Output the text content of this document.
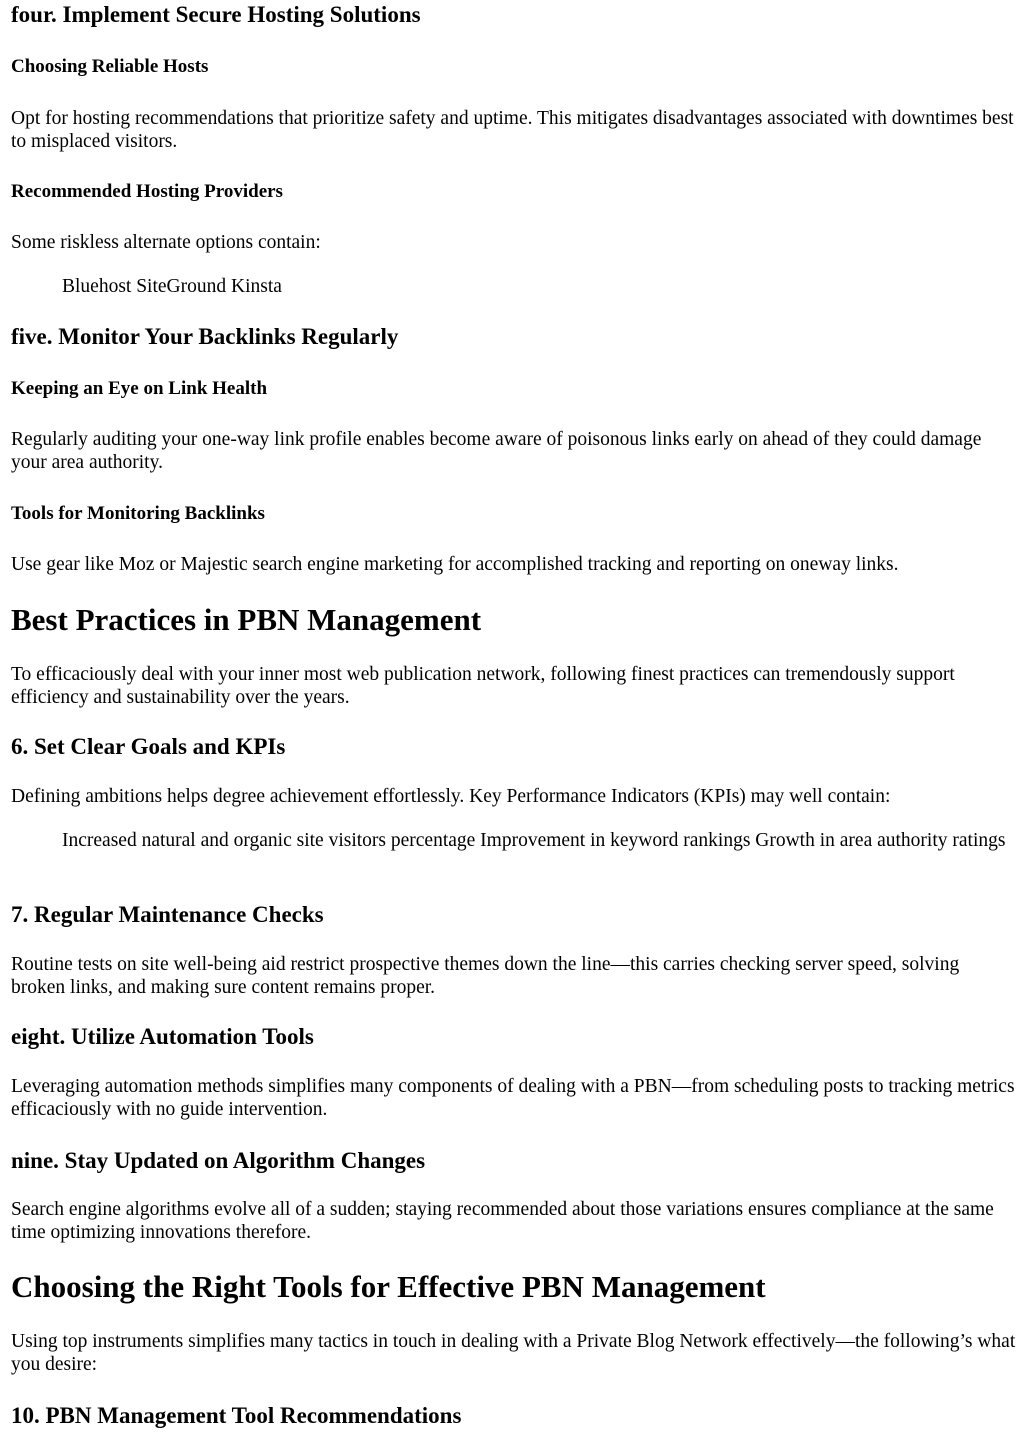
four. Implement Secure Hosting Solutions
Choosing Reliable Hosts

Opt for hosting recommendations that prioritize safety and uptime. This mitigates disadvantages associated with downtimes best to misplaced visitors.

Recommended Hosting Providers

Some riskless alternate options contain:

Bluehost SiteGround Kinsta

five. Monitor Your Backlinks Regularly
Keeping an Eye on Link Health

Regularly auditing your one-way link profile enables become aware of poisonous links early on ahead of they could damage your area authority.

Tools for Monitoring Backlinks

Use gear like Moz or Majestic search engine marketing for accomplished tracking and reporting on oneway links.

Best Practices in PBN Management

To efficaciously deal with your inner most web publication network, following finest practices can tremendously support efficiency and sustainability over the years.

6. Set Clear Goals and KPIs

Defining ambitions helps degree achievement effortlessly. Key Performance Indicators (KPIs) may well contain:

Increased natural and organic site visitors percentage Improvement in keyword rankings Growth in area authority ratings

7. Regular Maintenance Checks

Routine tests on site well-being aid restrict prospective themes down the line—this carries checking server speed, solving broken links, and making sure content remains proper.

eight. Utilize Automation Tools

Leveraging automation methods simplifies many components of dealing with a PBN—from scheduling posts to tracking metrics efficaciously with no guide intervention.

nine. Stay Updated on Algorithm Changes

Search engine algorithms evolve all of a sudden; staying recommended about those variations ensures compliance at the same time optimizing innovations therefore.

Choosing the Right Tools for Effective PBN Management

Using top instruments simplifies many tactics in touch in dealing with a Private Blog Network effectively—the following’s what you desire:

10. PBN Management Tool Recommendations
